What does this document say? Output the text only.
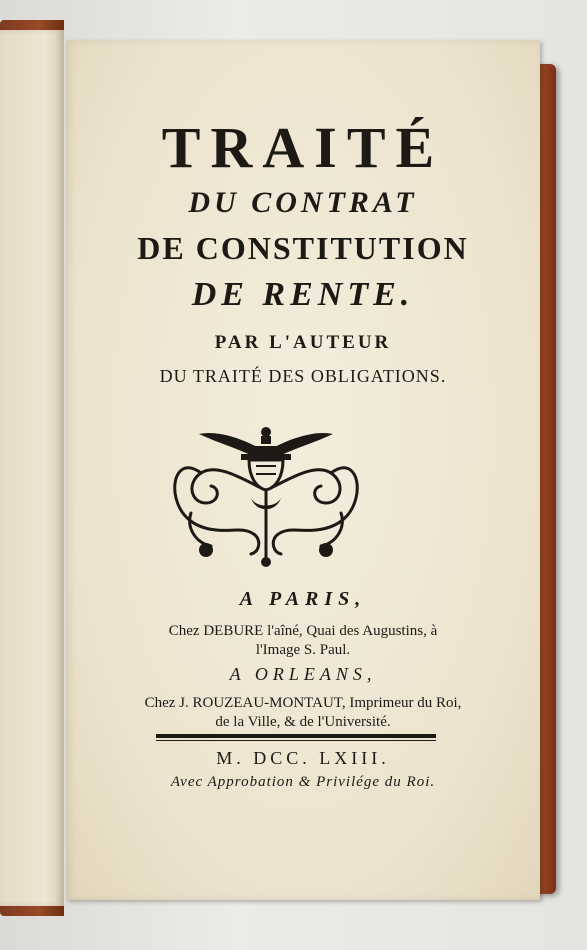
TRAITÉ
DU CONTRAT
DE CONSTITUTION
DE RENTE.
PAR L'AUTEUR
DU TRAITÉ DES OBLIGATIONS.
A PARIS,
Chez DEBURE l'aîné, Quai des Augustins, à
l'Image S. Paul.
A ORLEANS,
Chez J. ROUZEAU-MONTAUT, Imprimeur du Roi,
de la Ville, & de l'Université.
M. DCC. LXIII.
Avec Approbation & Privilége du Roi.
